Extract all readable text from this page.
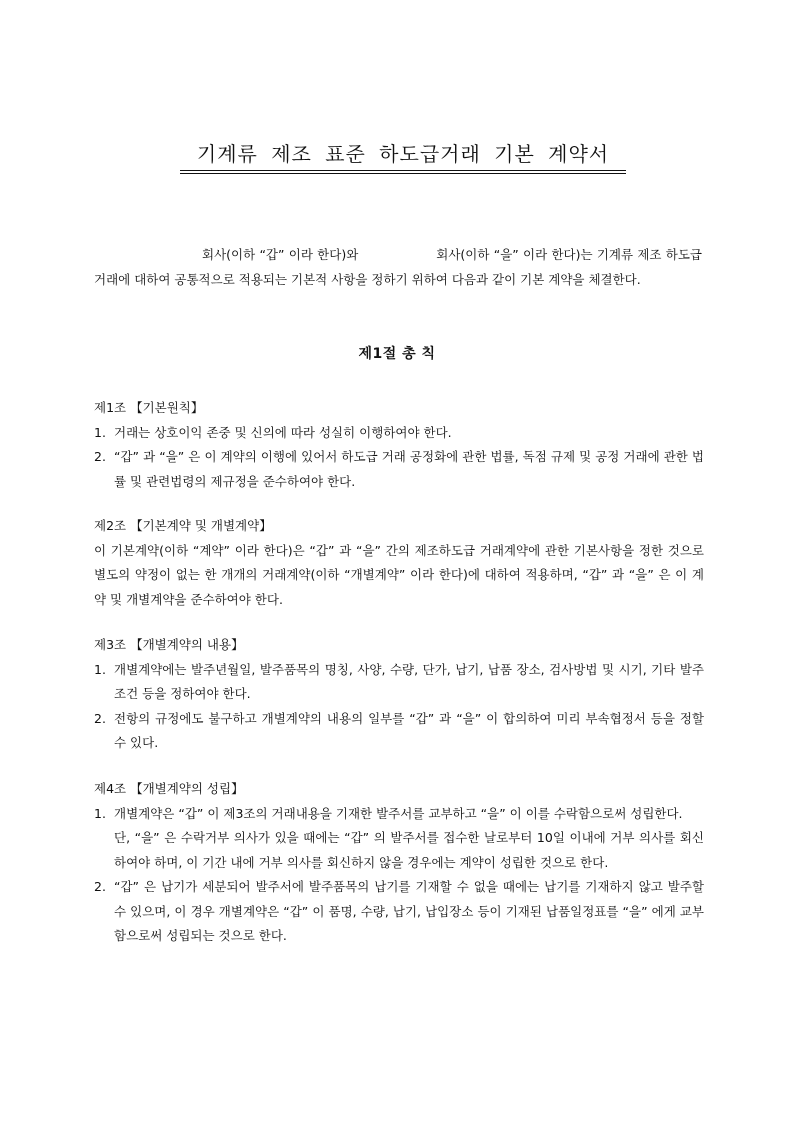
기계류 제조 표준 하도급거래 기본 계약서

회사(이하 “갑” 이라 한다)와	회사(이하 “을” 이라 한다)는 기계류 제조 하도급거래에 대하여 공통적으로 적용되는 기본적 사항을 정하기 위하여 다음과 같이 기본 계약을 체결한다.

제1절 총 칙

제1조 【기본원칙】

1. 거래는 상호이익 존중 및 신의에 따라 성실히 이행하여야 한다.

2. “갑” 과 “을” 은 이 계약의 이행에 있어서 하도급 거래 공정화에 관한 법률, 독점 규제 및 공정 거래에 관한 법률 및 관련법령의 제규정을 준수하여야 한다.

제2조 【기본계약 및 개별계약】

이 기본계약(이하 “계약” 이라 한다)은 “갑” 과 “을” 간의 제조하도급 거래계약에 관한 기본사항을 정한 것으로 별도의 약정이 없는 한 개개의 거래계약(이하 “개별계약” 이라 한다)에 대하여 적용하며, “갑” 과 “을” 은 이 계약 및 개별계약을 준수하여야 한다.

제3조 【개별계약의 내용】

1. 개별계약에는 발주년월일, 발주품목의 명칭, 사양, 수량, 단가, 납기, 납품 장소, 검사방법 및 시기, 기타 발주조건 등을 정하여야 한다.

2. 전항의 규정에도 불구하고 개별계약의 내용의 일부를 “갑” 과 “을” 이 합의하여 미리 부속협정서 등을 정할 수 있다.

제4조 【개별계약의 성립】

1. 개별계약은 “갑” 이 제3조의 거래내용을 기재한 발주서를 교부하고 “을” 이 이를 수락함으로써 성립한다.

단, “을” 은 수락거부 의사가 있을 때에는 “갑” 의 발주서를 접수한 날로부터 10일 이내에 거부 의사를 회신하여야 하며, 이 기간 내에 거부 의사를 회신하지 않을 경우에는 계약이 성립한 것으로 한다.

2. “갑” 은 납기가 세분되어 발주서에 발주품목의 납기를 기재할 수 없을 때에는 납기를 기재하지 않고 발주할 수 있으며, 이 경우 개별계약은 “갑” 이 품명, 수량, 납기, 납입장소 등이 기재된 납품일정표를 “을” 에게 교부함으로써 성립되는 것으로 한다.
